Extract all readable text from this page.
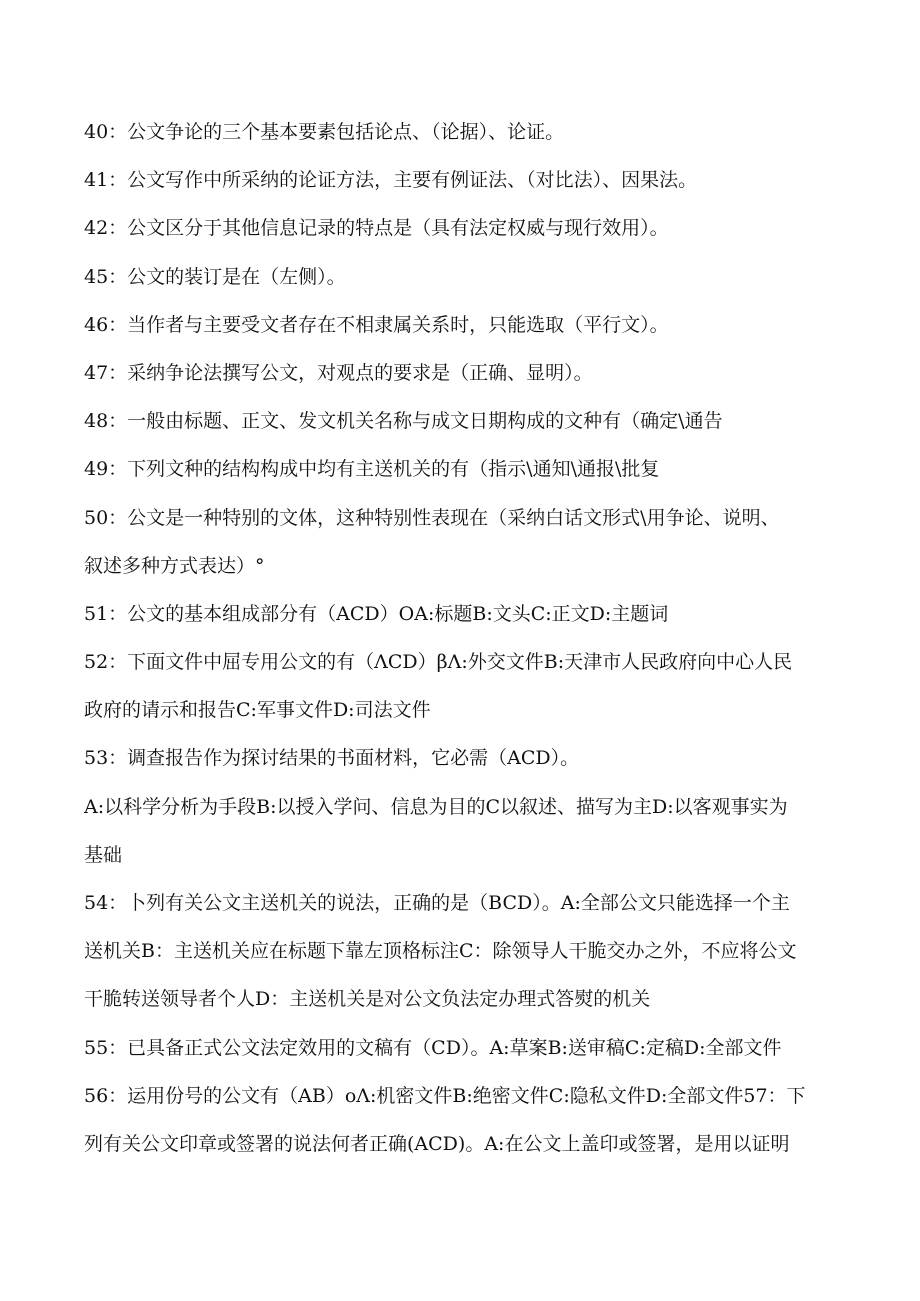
40：公文争论的三个基本要素包括论点、（论据）、论证。
41：公文写作中所采纳的论证方法，主要有例证法、（对比法）、因果法。
42：公文区分于其他信息记录的特点是（具有法定权威与现行效用）。
45：公文的装订是在（左侧）。
46：当作者与主要受文者存在不相隶属关系时，只能选取（平行文）。
47：采纳争论法撰写公文，对观点的要求是（正确、显明）。
48：一般由标题、正文、发文机关名称与成文日期构成的文种有（确定\通告
49：下列文种的结构构成中均有主送机关的有（指示\通知\通报\批复
50：公文是一种特别的文体，这种特别性表现在（采纳白话文形式\用争论、说明、
叙述多种方式表达）°
51：公文的基本组成部分有（ACD）OA:标题B:文头C:正文D:主题词
52：下面文件中屈专用公文的有（ΛCD）βΛ:外交文件B:天津市人民政府向中心人民
政府的请示和报告C:军事文件D:司法文件
53：调查报告作为探讨结果的书面材料，它必需（ACD）。
A:以科学分析为手段B:以授入学问、信息为目的C以叙述、描写为主D:以客观事实为
基础
54：卜列有关公文主送机关的说法，正确的是（BCD）。A:全部公文只能选择一个主
送机关B：主送机关应在标题下靠左顶格标注C：除领导人干脆交办之外，不应将公文
干脆转送领导者个人D：主送机关是对公文负法定办理式答熨的机关
55：已具备正式公文法定效用的文稿有（CD）。A:草案B:送审稿C:定稿D:全部文件
56：运用份号的公文有（AB）oΛ:机密文件B:绝密文件C:隐私文件D:全部文件57：下
列有关公文印章或签署的说法何者正确(ACD)。A:在公文上盖印或签署，是用以证明
